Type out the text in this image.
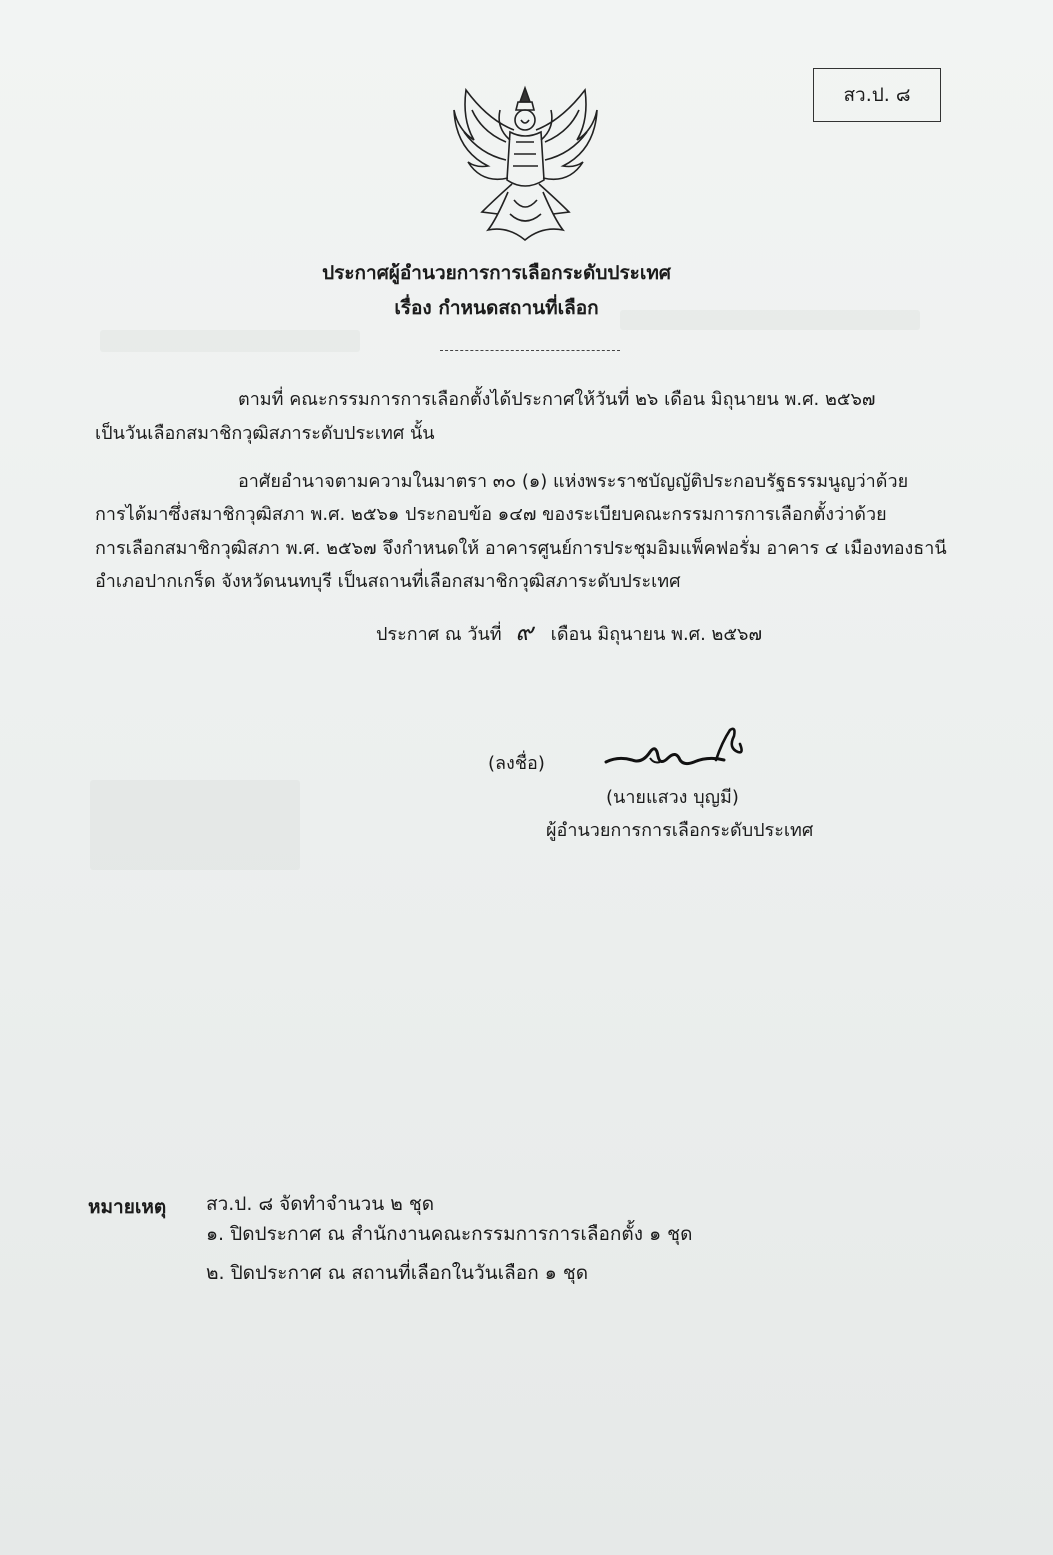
สว.ป. ๘
ประกาศผู้อำนวยการการเลือกระดับประเทศ
เรื่อง กำหนดสถานที่เลือก
ตามที่ คณะกรรมการการเลือกตั้งได้ประกาศให้วันที่ ๒๖ เดือน มิถุนายน พ.ศ. ๒๕๖๗
เป็นวันเลือกสมาชิกวุฒิสภาระดับประเทศ นั้น
อาศัยอำนาจตามความในมาตรา ๓๐ (๑) แห่งพระราชบัญญัติประกอบรัฐธรรมนูญว่าด้วย
การได้มาซึ่งสมาชิกวุฒิสภา พ.ศ. ๒๕๖๑ ประกอบข้อ ๑๔๗ ของระเบียบคณะกรรมการการเลือกตั้งว่าด้วย
การเลือกสมาชิกวุฒิสภา พ.ศ. ๒๕๖๗ จึงกำหนดให้ อาคารศูนย์การประชุมอิมแพ็คฟอรั่ม อาคาร ๔ เมืองทองธานี
อำเภอปากเกร็ด จังหวัดนนทบุรี เป็นสถานที่เลือกสมาชิกวุฒิสภาระดับประเทศ
ประกาศ ณ วันที่ ๙ เดือน มิถุนายน พ.ศ. ๒๕๖๗
(ลงชื่อ)
(นายแสวง บุญมี)
ผู้อำนวยการการเลือกระดับประเทศ
หมายเหตุ สว.ป. ๘ จัดทำจำนวน ๒ ชุด
๑. ปิดประกาศ ณ สำนักงานคณะกรรมการการเลือกตั้ง ๑ ชุด
๒. ปิดประกาศ ณ สถานที่เลือกในวันเลือก ๑ ชุด
